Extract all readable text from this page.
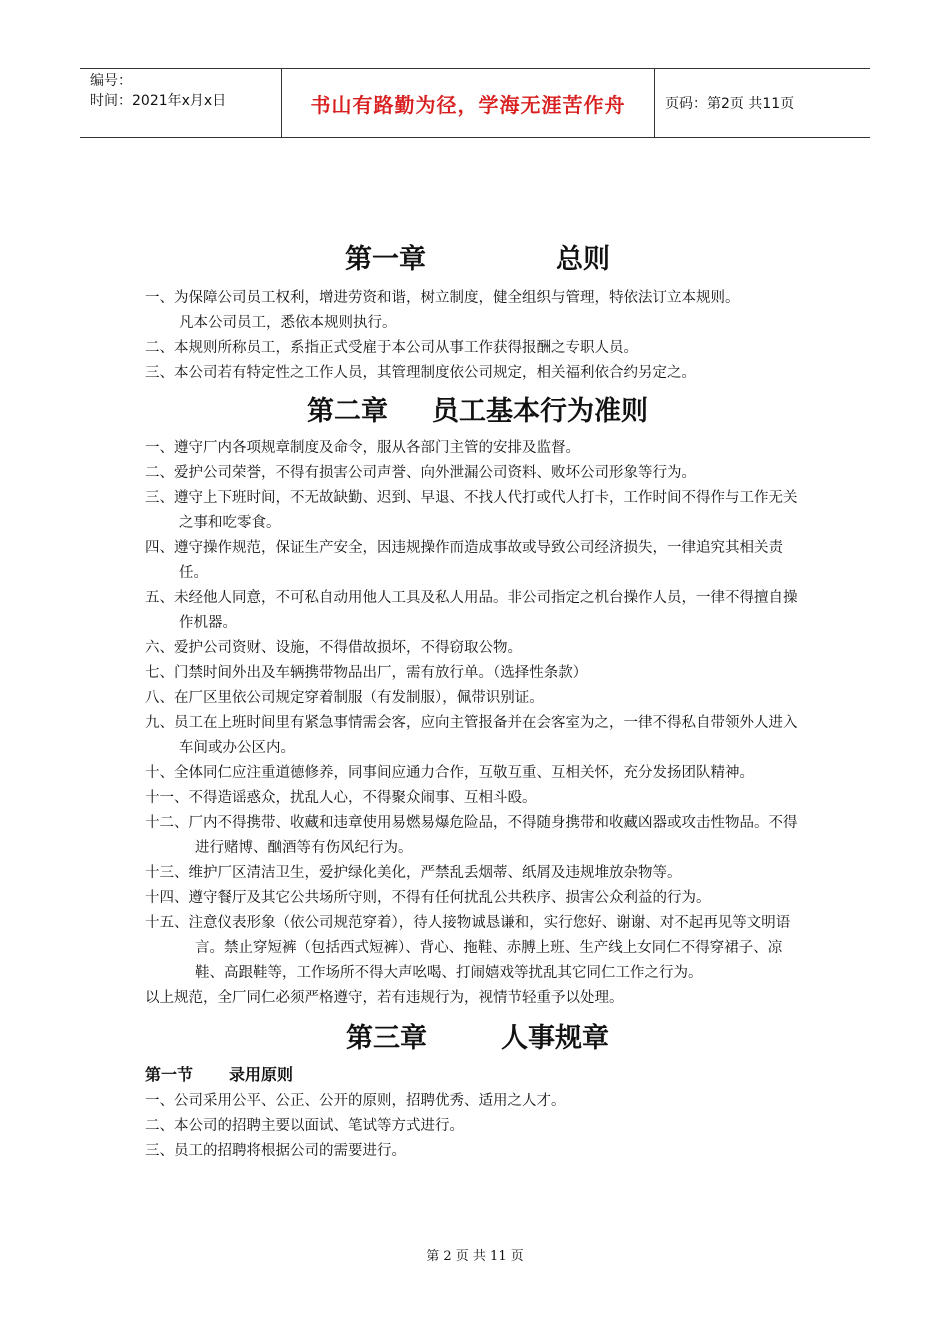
编号：
时间：2021年x月x日	书山有路勤为径，学海无涯苦作舟	页码：第2页 共11页
第一章	总则

一、为保障公司员工权利，增进劳资和谐，树立制度，健全组织与管理，特依法订立本规则。

凡本公司员工，悉依本规则执行。

二、本规则所称员工，系指正式受雇于本公司从事工作获得报酬之专职人员。

三、本公司若有特定性之工作人员，其管理制度依公司规定，相关福利依合约另定之。

第二章 员工基本行为准则

一、遵守厂内各项规章制度及命令，服从各部门主管的安排及监督。

二、爱护公司荣誉，不得有损害公司声誉、向外泄漏公司资料、败坏公司形象等行为。

三、遵守上下班时间，不无故缺勤、迟到、早退、不找人代打或代人打卡，工作时间不得作与工作无关之事和吃零食。

四、遵守操作规范，保证生产安全，因违规操作而造成事故或导致公司经济损失，一律追究其相关责任。

五、未经他人同意，不可私自动用他人工具及私人用品。非公司指定之机台操作人员，一律不得擅自操作机器。

六、爱护公司资财、设施，不得借故损坏，不得窃取公物。

七、门禁时间外出及车辆携带物品出厂，需有放行单。（选择性条款）

八、在厂区里依公司规定穿着制服（有发制服），佩带识别证。

九、员工在上班时间里有紧急事情需会客，应向主管报备并在会客室为之，一律不得私自带领外人进入车间或办公区内。

十、全体同仁应注重道德修养，同事间应通力合作，互敬互重、互相关怀，充分发扬团队精神。

十一、不得造谣惑众，扰乱人心，不得聚众闹事、互相斗殴。

十二、厂内不得携带、收藏和违章使用易燃易爆危险品，不得随身携带和收藏凶器或攻击性物品。不得进行赌博、酗酒等有伤风纪行为。

十三、维护厂区清洁卫生，爱护绿化美化，严禁乱丢烟蒂、纸屑及违规堆放杂物等。

十四、遵守餐厅及其它公共场所守则，不得有任何扰乱公共秩序、损害公众利益的行为。

十五、注意仪表形象（依公司规范穿着），待人接物诚恳谦和，实行您好、谢谢、对不起再见等文明语言。禁止穿短裤（包括西式短裤）、背心、拖鞋、赤膊上班、生产线上女同仁不得穿裙子、凉鞋、高跟鞋等，工作场所不得大声吆喝、打闹嬉戏等扰乱其它同仁工作之行为。

以上规范，全厂同仁必须严格遵守，若有违规行为，视情节轻重予以处理。

第三章	人事规章
第一节 录用原则

一、公司采用公平、公正、公开的原则，招聘优秀、适用之人才。

二、本公司的招聘主要以面试、笔试等方式进行。

三、员工的招聘将根据公司的需要进行。

第 2 页 共 11 页
